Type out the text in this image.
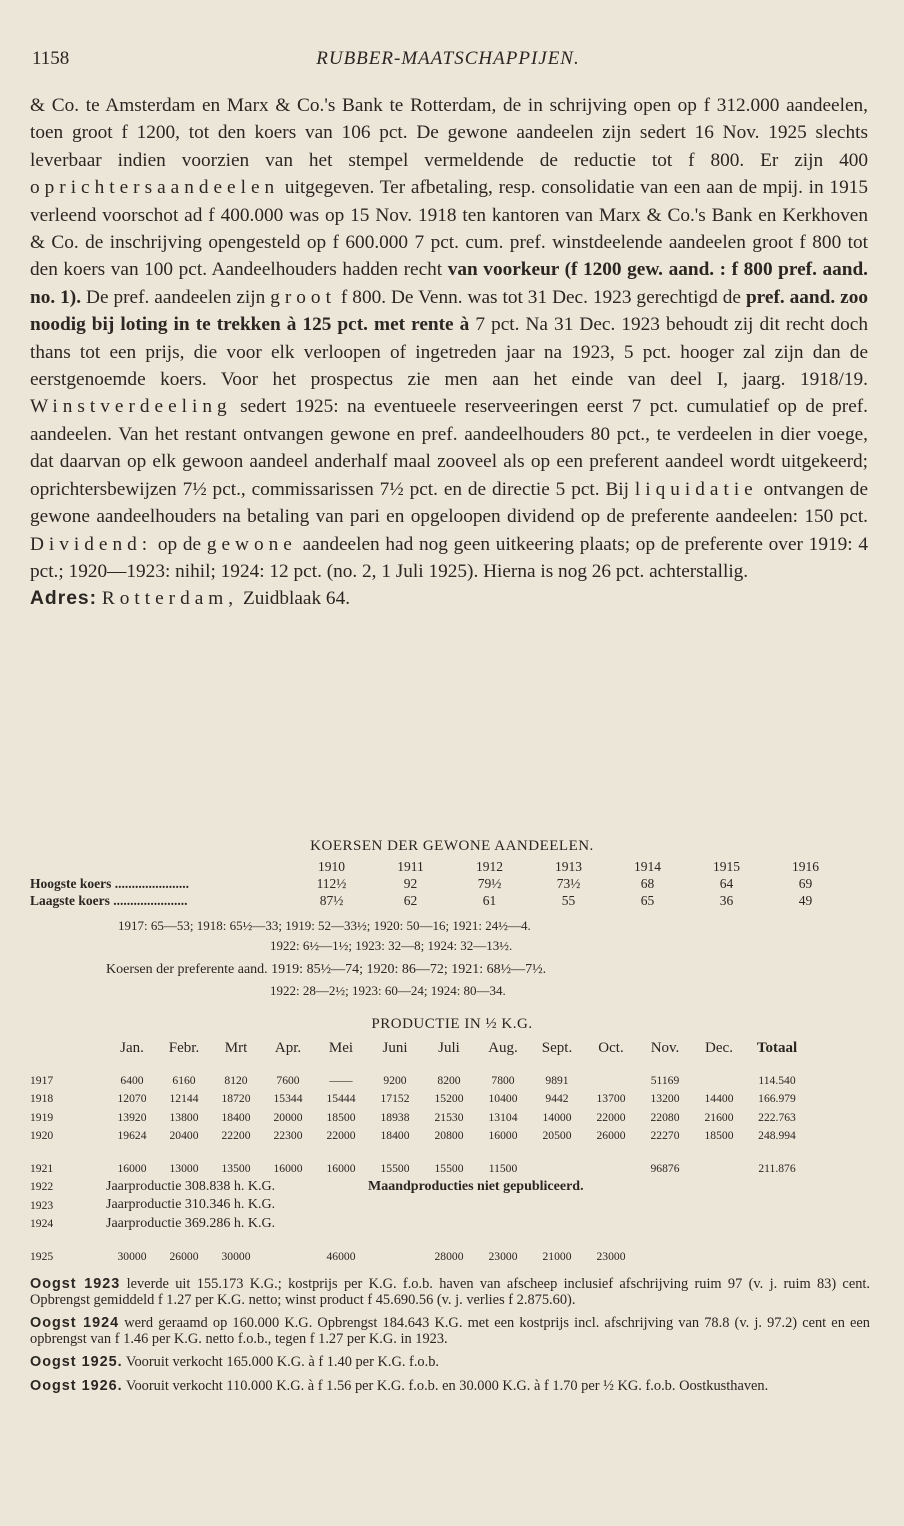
1158	RUBBER-MAATSCHAPPIJEN.

& Co. te Amsterdam en Marx & Co.'s Bank te Rotterdam, de in schrijving open op f 312.000 aandeelen, toen groot f 1200, tot den koers van 106 pct. De gewone aandeelen zijn sedert 16 Nov. 1925 slechts leverbaar indien voorzien van het stempel vermeldende de reductie tot f 800. Er zijn 400 oprichtersaandeelen uitgegeven. Ter afbetaling, resp. consolidatie van een aan de mpij. in 1915 verleend voorschot ad f 400.000 was op 15 Nov. 1918 ten kantoren van Marx & Co.'s Bank en Kerkhoven & Co. de inschrijving opengesteld op f 600.000 7 pct. cum. pref. winstdeelende aandeelen groot f 800 tot den koers van 100 pct. Aandeelhouders hadden recht van voorkeur (f 1200 gew. aand. : f 800 pref. aand. no. 1). De pref. aandeelen zijn groot f 800. De Venn. was tot 31 Dec. 1923 gerechtigd de pref. aand. zoo noodig bij loting in te trekken à 125 pct. met rente à 7 pct. Na 31 Dec. 1923 behoudt zij dit recht doch thans tot een prijs, die voor elk verloopen of ingetreden jaar na 1923, 5 pct. hooger zal zijn dan de eerstgenoemde koers. Voor het prospectus zie men aan het einde van deel I, jaarg. 1918/19. Winstverdeeling sedert 1925: na eventueele reserveeringen eerst 7 pct. cumulatief op de pref. aandeelen. Van het restant ontvangen gewone en pref. aandeelhouders 80 pct., te verdeelen in dier voege, dat daarvan op elk gewoon aandeel anderhalf maal zooveel als op een preferent aandeel wordt uitgekeerd; oprichtersbewijzen 7½ pct., commissarissen 7½ pct. en de directie 5 pct. Bij liquidatie ontvangen de gewone aandeelhouders na betaling van pari en opgeloopen dividend op de preferente aandeelen: 150 pct. Dividend: op de gewone aandeelen had nog geen uitkeering plaats; op de preferente over 1919: 4 pct.; 1920—1923: nihil; 1924: 12 pct. (no. 2, 1 Juli 1925). Hierna is nog 26 pct. achterstallig.

Adres: Rotterdam, Zuidblaak 64.

KOERSEN DER GEWONE AANDEELEN.
	1910	1911	1912	1913	1914	1915	1916
Hoogste koers ......................	112½	92	79½	73½	68	64	69
Laagste koers ......................	87½	62	61	55	65	36	49
1917: 65—53; 1918: 65½—33; 1919: 52—33½; 1920: 50—16; 1921: 24½—4.
1922: 6½—1½; 1923: 32—8; 1924: 32—13½.
Koersen der preferente aand. 1919: 85½—74; 1920: 86—72; 1921: 68½—7½.
1922: 28—2½; 1923: 60—24; 1924: 80—34.
PRODUCTIE IN ½ K.G.
	Jan.	Febr.	Mrt	Apr.	Mei	Juni	Juli	Aug.	Sept.	Oct.	Nov.	Dec.	Totaal
1917	6400	6160	8120	7600	——	9200	8200	7800	9891		51169		114.540
1918	12070	12144	18720	15344	15444	17152	15200	10400	9442	13700	13200	14400	166.979
1919	13920	13800	18400	20000	18500	18938	21530	13104	14000	22000	22080	21600	222.763
1920	19624	20400	22200	22300	22000	18400	20800	16000	20500	26000	22270	18500	248.994

1921	16000	13000	13500	16000	16000	15500	15500	11500			96876		211.876
1922	Jaarproductie 308.838 h. K.G.					Maandproducties niet gepubliceerd.							
1923	Jaarproductie 310.346 h. K.G.												
1924	Jaarproductie 369.286 h. K.G.												

1925	30000	26000	30000		46000		28000	23000	21000	23000			

Oogst 1923 leverde uit 155.173 K.G.; kostprijs per K.G. f.o.b. haven van afscheep inclusief afschrijving ruim 97 (v. j. ruim 83) cent. Opbrengst gemiddeld f 1.27 per K.G. netto; winst product f 45.690.56 (v. j. verlies f 2.875.60).

Oogst 1924 werd geraamd op 160.000 K.G. Opbrengst 184.643 K.G. met een kostprijs incl. afschrijving van 78.8 (v. j. 97.2) cent en een opbrengst van f 1.46 per K.G. netto f.o.b., tegen f 1.27 per K.G. in 1923.

Oogst 1925. Vooruit verkocht 165.000 K.G. à f 1.40 per K.G. f.o.b.

Oogst 1926. Vooruit verkocht 110.000 K.G. à f 1.56 per K.G. f.o.b. en 30.000 K.G. à f 1.70 per ½ KG. f.o.b. Oostkusthaven.
